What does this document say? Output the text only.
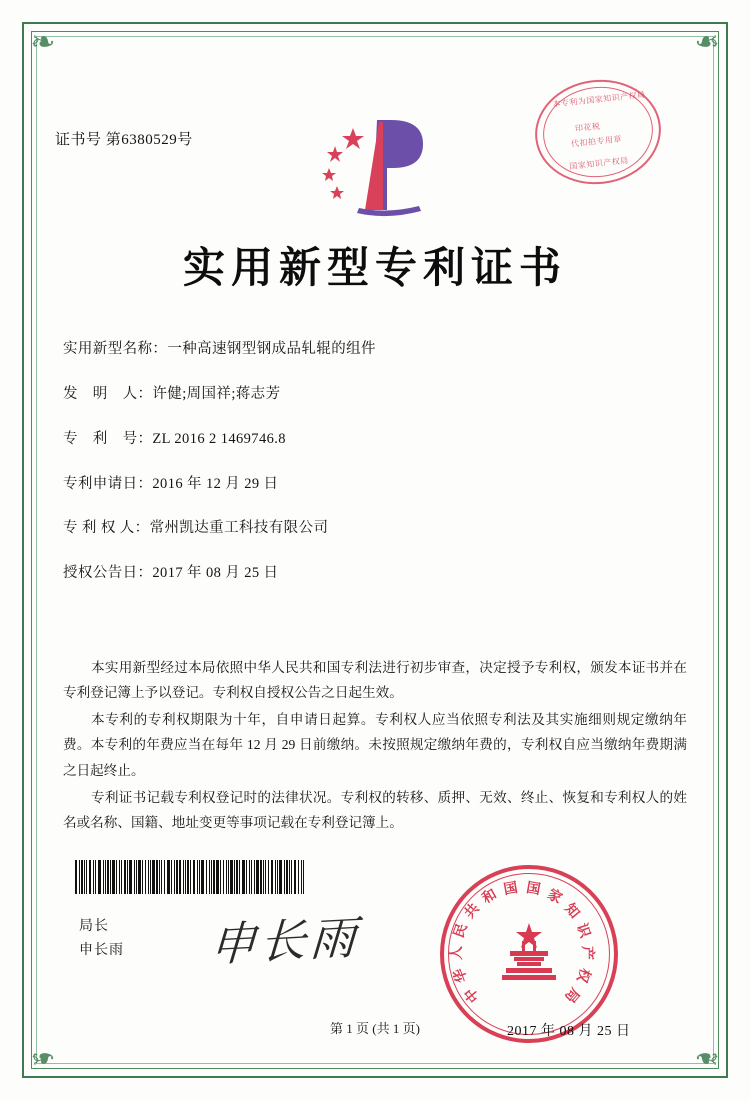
❧	❧
❧	❧
证书号 第6380529号
本专利为国家知识产权局
印花税
代扣拍专用章
国家知识产权局
实用新型专利证书
实用新型名称：一种高速钢型钢成品轧辊的组件
发　明　人：许健;周国祥;蒋志芳
专　利　号：ZL 2016 2 1469746.8
专利申请日：2016 年 12 月 29 日
专 利 权 人：常州凯达重工科技有限公司
授权公告日：2017 年 08 月 25 日

本实用新型经过本局依照中华人民共和国专利法进行初步审查，决定授予专利权，颁发本证书并在专利登记簿上予以登记。专利权自授权公告之日起生效。

本专利的专利权期限为十年，自申请日起算。专利权人应当依照专利法及其实施细则规定缴纳年费。本专利的年费应当在每年 12 月 29 日前缴纳。未按照规定缴纳年费的，专利权自应当缴纳年费期满之日起终止。

专利证书记载专利权登记时的法律状况。专利权的转移、质押、无效、终止、恢复和专利权人的姓名或名称、国籍、地址变更等事项记载在专利登记簿上。

局长
申长雨 申长雨
中
华
人
民
共
和 国 国 家
知
识
产
权
局
2017 年 08 月 25 日
第 1 页 (共 1 页)
